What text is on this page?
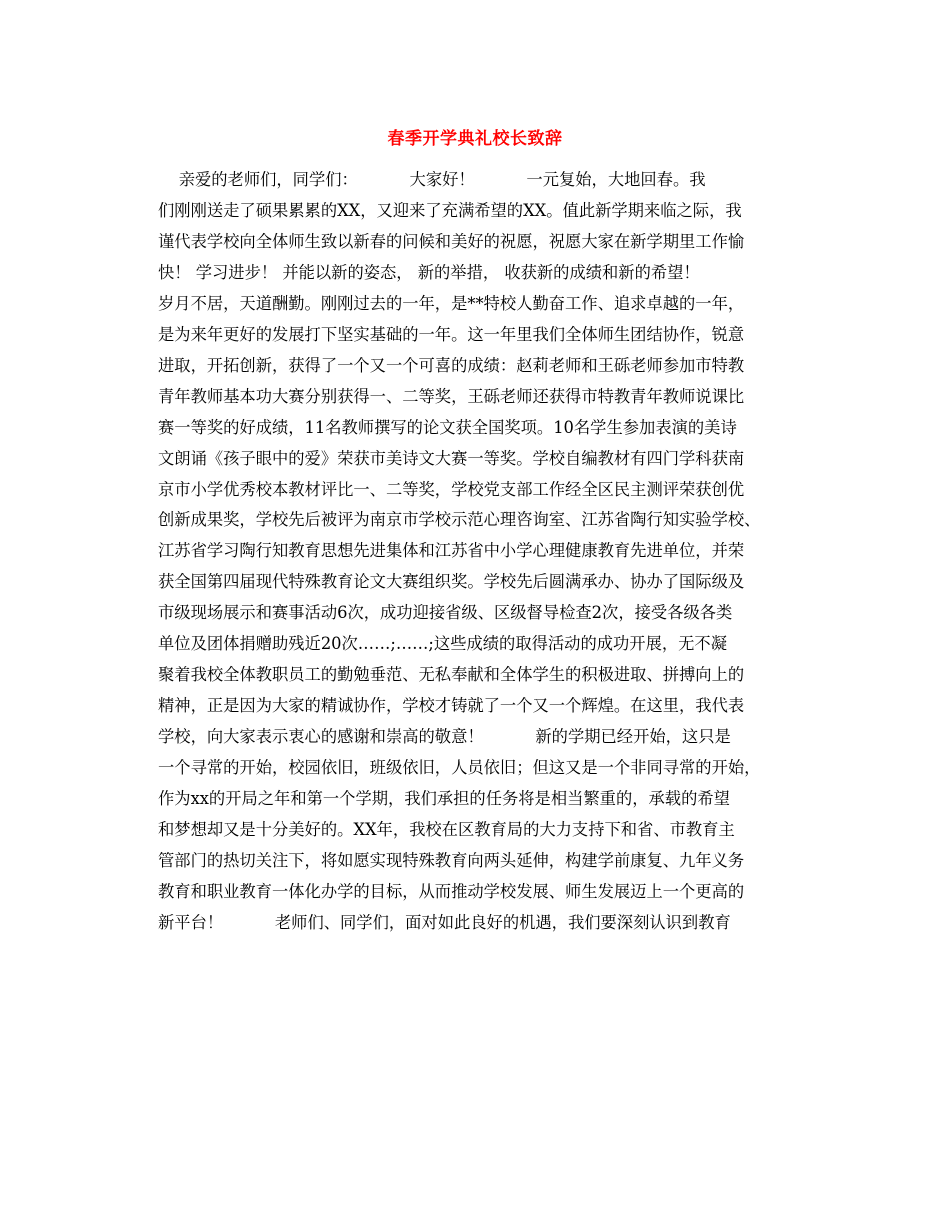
春季开学典礼校长致辞
亲爱的老师们，同学们：          大家好！          一元复始，大地回春。我
们刚刚送走了硕果累累的XX，又迎来了充满希望的XX。值此新学期来临之际，我
谨代表学校向全体师生致以新春的问候和美好的祝愿，祝愿大家在新学期里工作愉
快！ 学习进步！ 并能以新的姿态， 新的举措， 收获新的成绩和新的希望！
岁月不居，天道酬勤。刚刚过去的一年，是**特校人勤奋工作、追求卓越的一年，
是为来年更好的发展打下坚实基础的一年。这一年里我们全体师生团结协作，锐意
进取，开拓创新，获得了一个又一个可喜的成绩：赵莉老师和王砾老师参加市特教
青年教师基本功大赛分别获得一、二等奖，王砾老师还获得市特教青年教师说课比
赛一等奖的好成绩，11名教师撰写的论文获全国奖项。10名学生参加表演的美诗
文朗诵《孩子眼中的爱》荣获市美诗文大赛一等奖。学校自编教材有四门学科获南
京市小学优秀校本教材评比一、二等奖，学校党支部工作经全区民主测评荣获创优
创新成果奖，学校先后被评为南京市学校示范心理咨询室、江苏省陶行知实验学校、
江苏省学习陶行知教育思想先进集体和江苏省中小学心理健康教育先进单位，并荣
获全国第四届现代特殊教育论文大赛组织奖。学校先后圆满承办、协办了国际级及
市级现场展示和赛事活动6次，成功迎接省级、区级督导检查2次，接受各级各类
单位及团体捐赠助残近20次……;……;这些成绩的取得活动的成功开展，无不凝
聚着我校全体教职员工的勤勉垂范、无私奉献和全体学生的积极进取、拼搏向上的
精神，正是因为大家的精诚协作，学校才铸就了一个又一个辉煌。在这里，我代表
学校，向大家表示衷心的感谢和崇高的敬意！          新的学期已经开始，这只是
一个寻常的开始，校园依旧，班级依旧，人员依旧；但这又是一个非同寻常的开始，
作为xx的开局之年和第一个学期，我们承担的任务将是相当繁重的，承载的希望
和梦想却又是十分美好的。XX年，我校在区教育局的大力支持下和省、市教育主
管部门的热切关注下，将如愿实现特殊教育向两头延伸，构建学前康复、九年义务
教育和职业教育一体化办学的目标，从而推动学校发展、师生发展迈上一个更高的
新平台！          老师们、同学们，面对如此良好的机遇，我们要深刻认识到教育
